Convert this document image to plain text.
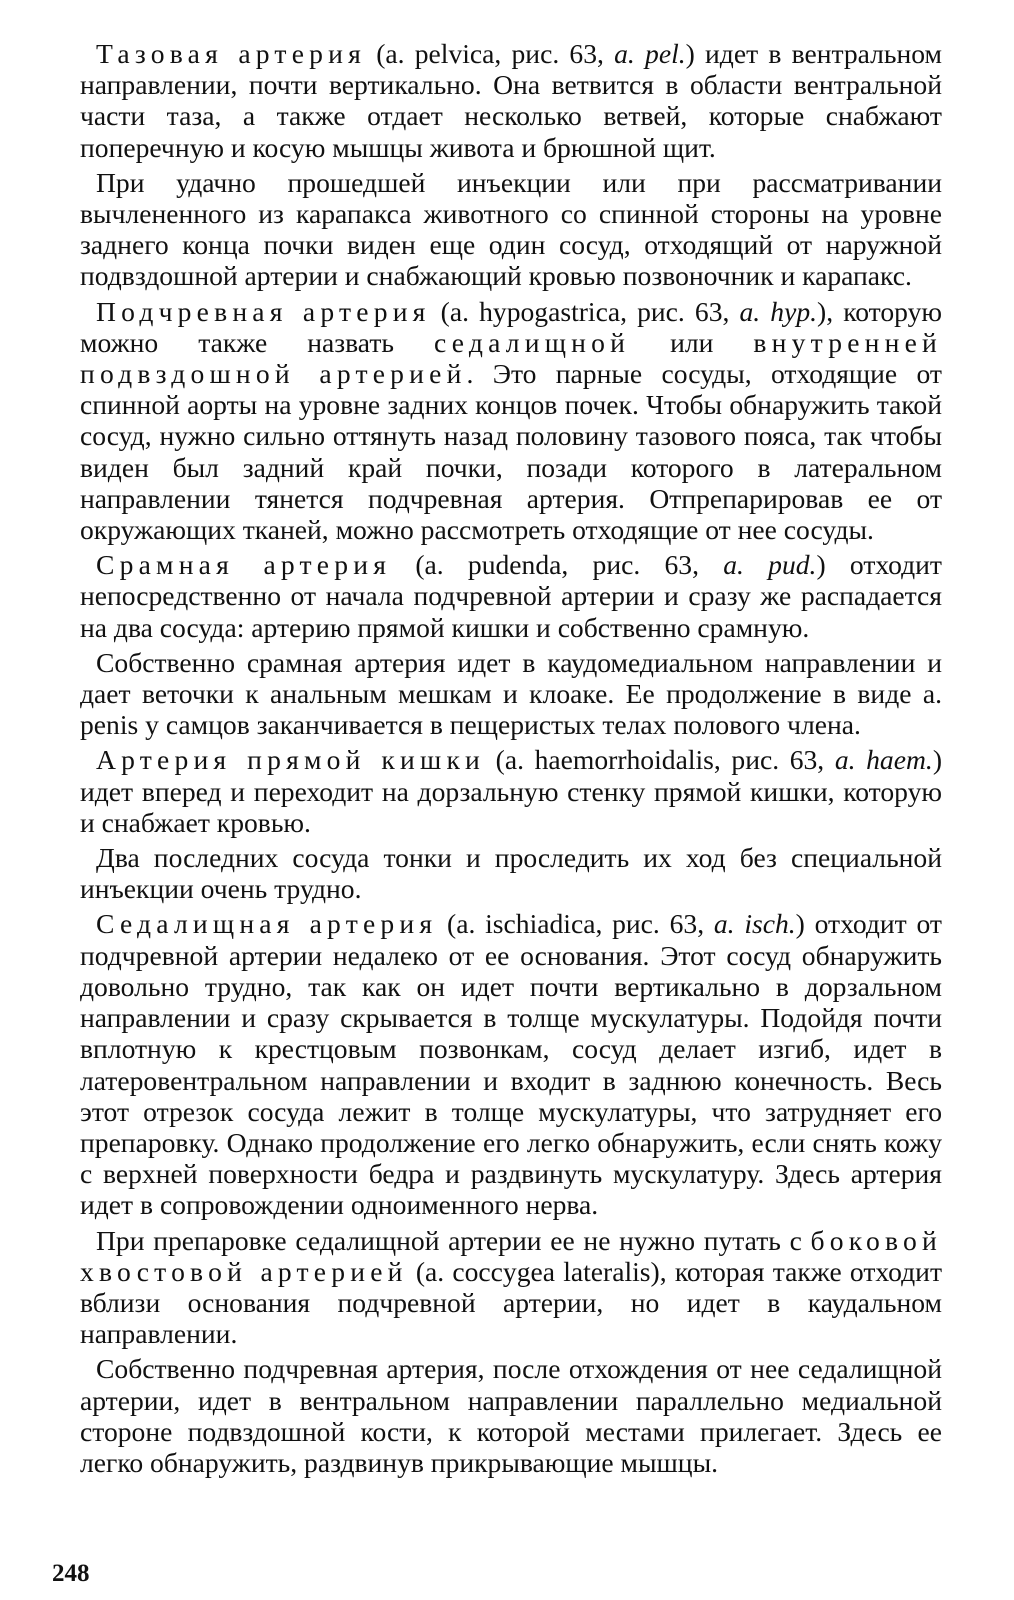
Тазовая артерия (a. pelvica, рис. 63, a. pel.) идет в вентральном направлении, почти вертикально. Она ветвится в области вентральной части таза, а также отдает несколько ветвей, которые снабжают поперечную и косую мышцы живота и брюшной щит.

При удачно прошедшей инъекции или при рассматривании вычлененного из карапакса животного со спинной стороны на уровне заднего конца почки виден еще один сосуд, отходящий от наружной подвздошной артерии и снабжающий кровью позвоночник и карапакс.

Подчревная артерия (a. hypogastrica, рис. 63, a. hyp.), которую можно также назвать седалищной или внутренней подвздошной артерией. Это парные сосуды, отходящие от спинной аорты на уровне задних концов почек. Чтобы обнаружить такой сосуд, нужно сильно оттянуть назад половину тазового пояса, так чтобы виден был задний край почки, позади которого в латеральном направлении тянется подчревная артерия. Отпрепарировав ее от окружающих тканей, можно рассмотреть отходящие от нее сосуды.

Срамная артерия (a. pudenda, рис. 63, a. pud.) отходит непосредственно от начала подчревной артерии и сразу же распадается на два сосуда: артерию прямой кишки и собственно срамную.

Собственно срамная артерия идет в каудомедиальном направлении и дает веточки к анальным мешкам и клоаке. Ее продолжение в виде a. penis у самцов заканчивается в пещеристых телах полового члена.

Артерия прямой кишки (a. haemorrhoidalis, рис. 63, a. haem.) идет вперед и переходит на дорзальную стенку прямой кишки, которую и снабжает кровью.

Два последних сосуда тонки и проследить их ход без специальной инъекции очень трудно.

Седалищная артерия (a. ischiadica, рис. 63, a. isch.) отходит от подчревной артерии недалеко от ее основания. Этот сосуд обнаружить довольно трудно, так как он идет почти вертикально в дорзальном направлении и сразу скрывается в толще мускулатуры. Подойдя почти вплотную к крестцовым позвонкам, сосуд делает изгиб, идет в латеровентральном направлении и входит в заднюю конечность. Весь этот отрезок сосуда лежит в толще мускулатуры, что затрудняет его препаровку. Однако продолжение его легко обнаружить, если снять кожу с верхней поверхности бедра и раздвинуть мускулатуру. Здесь артерия идет в сопровождении одноименного нерва.

При препаровке седалищной артерии ее не нужно путать с боковой хвостовой артерией (a. coccygea lateralis), которая также отходит вблизи основания подчревной артерии, но идет в каудальном направлении.

Собственно подчревная артерия, после отхождения от нее седалищной артерии, идет в вентральном направлении параллельно медиальной стороне подвздошной кости, к которой местами прилегает. Здесь ее легко обнаружить, раздвинув прикрывающие мышцы.

248
